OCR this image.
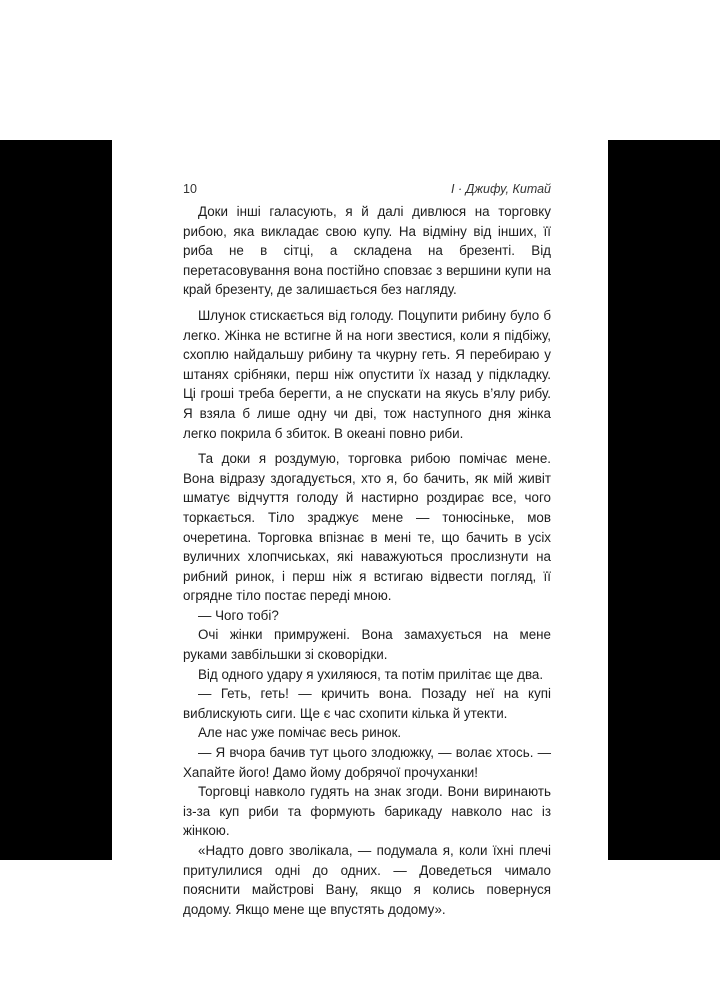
10	І · Джифу, Китай

Доки інші галасують, я й далі дивлюся на торговку рибою, яка викладає свою купу. На відміну від інших, її риба не в сітці, а складена на брезенті. Від перетасовування вона постійно сповзає з вершини купи на край брезенту, де залишається без нагляду.

Шлунок стискається від голоду. Поцупити рибину було б легко. Жінка не встигне й на ноги звестися, коли я підбіжу, схоплю найдальшу рибину та чкурну геть. Я перебираю у штанях срібняки, перш ніж опустити їх назад у підкладку. Ці гроші треба берегти, а не спускати на якусь в’ялу рибу. Я взяла б лише одну чи дві, тож наступного дня жінка легко покрила б збиток. В океані повно риби.

Та доки я роздумую, торговка рибою помічає мене. Вона відразу здогадується, хто я, бо бачить, як мій живіт шматує відчуття голоду й настирно роздирає все, чого торкається. Тіло зраджує мене — тонюсіньке, мов очеретина. Торговка впізнає в мені те, що бачить в усіх вуличних хлопчиськах, які наважуються прослизнути на рибний ринок, і перш ніж я встигаю відвести погляд, її огрядне тіло постає переді мною.

— Чого тобі?

Очі жінки примружені. Вона замахується на мене руками завбільшки зі сковорідки.

Від одного удару я ухиляюся, та потім прилітає ще два.

— Геть, геть! — кричить вона. Позаду неї на купі виблискують сиги. Ще є час схопити кілька й утекти.

Але нас уже помічає весь ринок.

— Я вчора бачив тут цього злодюжку, — волає хтось. — Хапайте його! Дамо йому добрячої прочуханки!

Торговці навколо гудять на знак згоди. Вони виринають із-за куп риби та формують барикаду навколо нас із жінкою.

«Надто довго зволікала, — подумала я, коли їхні плечі притулилися одні до одних. — Доведеться чимало пояснити майстрові Вану, якщо я колись повернуся додому. Якщо мене ще впустять додому».
